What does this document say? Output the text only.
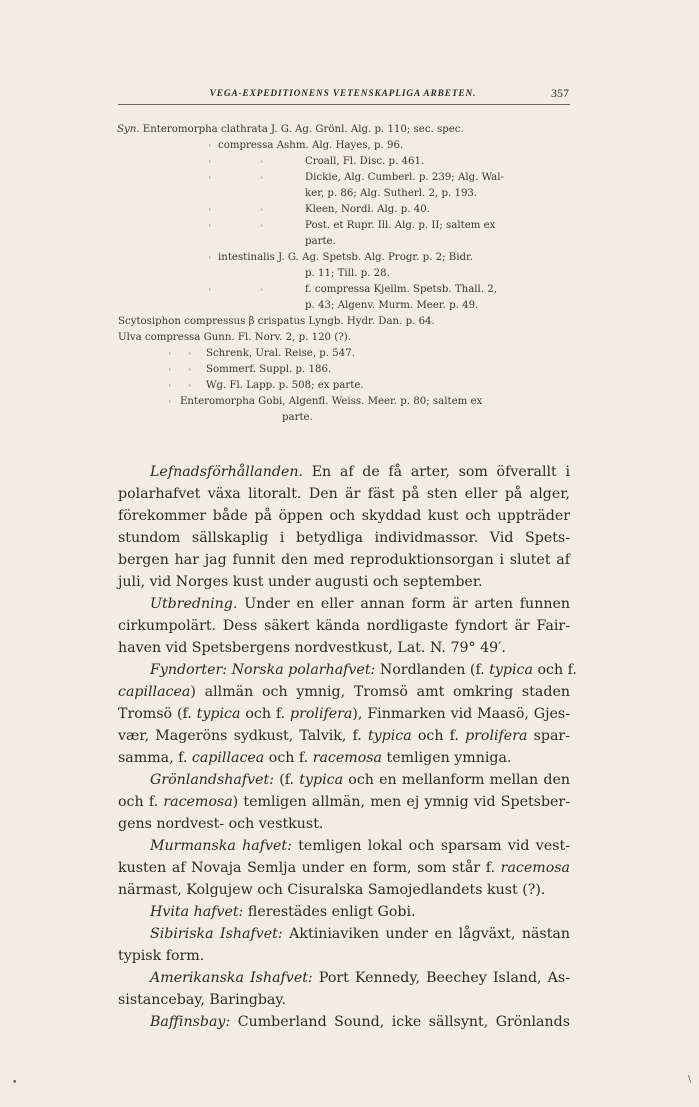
VEGA-EXPEDITIONENS VETENSKAPLIGA ARBETEN.	357
Syn. Enteromorpha clathrata J. G. Ag. Grönl. Alg. p. 110; sec. spec.
› compressa Ashm. Alg. Hayes, p. 96.
›	›	Croall, Fl. Disc. p. 461.
›	›	Dickie, Alg. Cumberl. p. 239; Alg. Wal-
ker, p. 86; Alg. Sutherl. 2, p. 193.
›	›	Kleen, Nordl. Alg. p. 40.
›	›	Post. et Rupr. Ill. Alg. p. II; saltem ex
parte.
› intestinalis J. G. Ag. Spetsb. Alg. Progr. p. 2; Bidr.
p. 11; Till. p. 28.
›	›	f. compressa Kjellm. Spetsb. Thall. 2,
p. 43; Algenv. Murm. Meer. p. 49.
Scytosiphon compressus β crispatus Lyngb. Hydr. Dan. p. 64.
Ulva compressa Gunn. Fl. Norv. 2, p. 120 (?).
› › Schrenk, Ural. Reise, p. 547.
› › Sommerf. Suppl. p. 186.
› › Wg. Fl. Lapp. p. 508; ex parte.
› Enteromorpha Gobi, Algenfl. Weiss. Meer. p. 80; saltem ex
parte.
Lefnadsförhållanden. En af de få arter, som öfverallt i
polarhafvet växa litoralt. Den är fäst på sten eller på alger,
förekommer både på öppen och skyddad kust och uppträder
stundom sällskaplig i betydliga individmassor. Vid Spets-
bergen har jag funnit den med reproduktionsorgan i slutet af
juli, vid Norges kust under augusti och september.
Utbredning. Under en eller annan form är arten funnen
cirkumpolärt. Dess säkert kända nordligaste fyndort är Fair-
haven vid Spetsbergens nordvestkust, Lat. N. 79° 49′.
Fyndorter: Norska polarhafvet: Nordlanden (f. typica och f.
capillacea) allmän och ymnig, Tromsö amt omkring staden
Tromsö (f. typica och f. prolifera), Finmarken vid Maasö, Gjes-
vær, Mageröns sydkust, Talvik, f. typica och f. prolifera spar-
samma, f. capillacea och f. racemosa temligen ymniga.
Grönlandshafvet: (f. typica och en mellanform mellan den
och f. racemosa) temligen allmän, men ej ymnig vid Spetsber-
gens nordvest- och vestkust.
Murmanska hafvet: temligen lokal och sparsam vid vest-
kusten af Novaja Semlja under en form, som står f. racemosa
närmast, Kolgujew och Cisuralska Samojedlandets kust (?).
Hvita hafvet: flerestädes enligt Gobi.
Sibiriska Ishafvet: Aktiniaviken under en lågväxt, nästan
typisk form.
Amerikanska Ishafvet: Port Kennedy, Beechey Island, As-
sistancebay, Baringbay.
Baffinsbay: Cumberland Sound, icke sällsynt, Grönlands
•	\
